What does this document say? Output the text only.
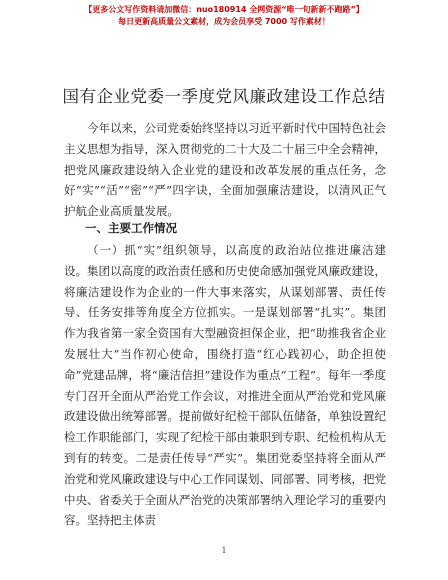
【更多公文写作资料请加微信：nuo180914 全网资源“唯一旬新新不跑路”】
每日更新高质量公文素材，成为会员享受 7000 写作素材！
国有企业党委一季度党风廉政建设工作总结

今年以来，公司党委始终坚持以习近平新时代中国特色社会主义思想为指导，深入贯彻党的二十大及二十届三中全会精神，把党风廉政建设纳入企业党的建设和改革发展的重点任务，念好“实”“活”“密”“严”四字诀，全面加强廉洁建设，以清风正气护航企业高质量发展。

一、主要工作情况

（一）抓“实”组织领导，以高度的政治站位推进廉洁建设。集团以高度的政治责任感和历史使命感加强党风廉政建设，将廉洁建设作为企业的一件大事来落实，从谋划部署、责任传导、任务安排等角度全方位抓实。一是谋划部署“扎实”。集团作为我省第一家全资国有大型融资担保企业，把“助推我省企业发展壮大”当作初心使命，围绕打造“红心践初心，助企担使命”党建品牌，将“廉洁信担”建设作为重点“工程”。每年一季度专门召开全面从严治党工作会议，对推进全面从严治党和党风廉政建设做出统筹部署。提前做好纪检干部队伍储备，单独设置纪检工作职能部门，实现了纪检干部由兼职到专职、纪检机构从无到有的转变。二是责任传导“严实”。集团党委坚持将全面从严治党和党风廉政建设与中心工作同谋划、同部署、同考核，把党中央、省委关于全面从严治党的决策部署纳入理论学习的重要内容。坚持把主体责

1
